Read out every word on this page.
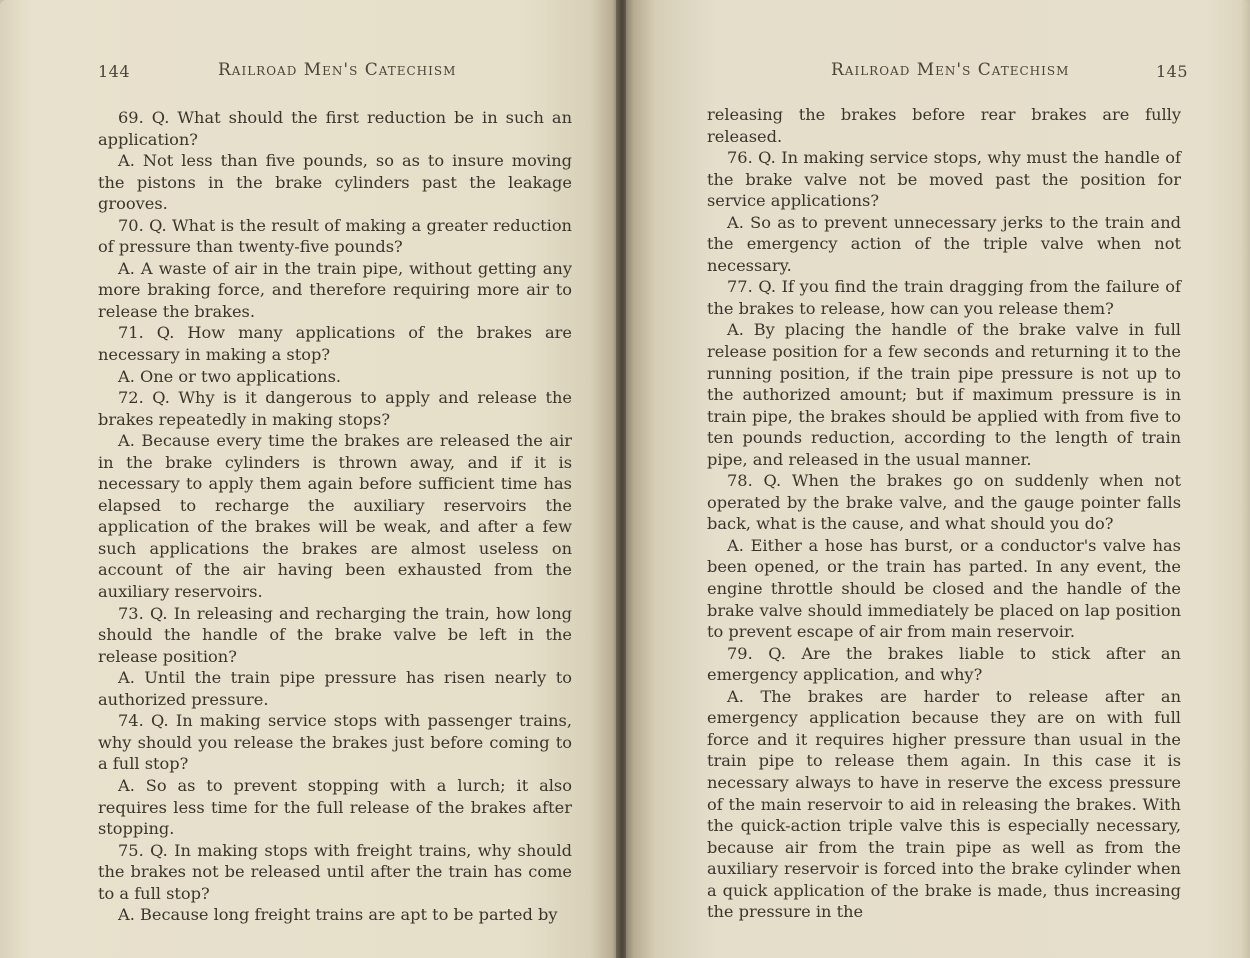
144	Railroad Men's Catechism

69. Q. What should the first reduction be in such an application?

A. Not less than five pounds, so as to insure moving the pistons in the brake cylinders past the leakage grooves.

70. Q. What is the result of making a greater reduction of pressure than twenty-five pounds?

A. A waste of air in the train pipe, without getting any more braking force, and therefore requiring more air to release the brakes.

71. Q. How many applications of the brakes are necessary in making a stop?

A. One or two applications.

72. Q. Why is it dangerous to apply and release the brakes repeatedly in making stops?

A. Because every time the brakes are released the air in the brake cylinders is thrown away, and if it is necessary to apply them again before sufficient time has elapsed to recharge the auxiliary reservoirs the application of the brakes will be weak, and after a few such applications the brakes are almost useless on account of the air having been exhausted from the auxiliary reservoirs.

73. Q. In releasing and recharging the train, how long should the handle of the brake valve be left in the release position?

A. Until the train pipe pressure has risen nearly to authorized pressure.

74. Q. In making service stops with passenger trains, why should you release the brakes just before coming to a full stop?

A. So as to prevent stopping with a lurch; it also requires less time for the full release of the brakes after stopping.

75. Q. In making stops with freight trains, why should the brakes not be released until after the train has come to a full stop?

A. Because long freight trains are apt to be parted by

Railroad Men's Catechism	145

releasing the brakes before rear brakes are fully released.

76. Q. In making service stops, why must the handle of the brake valve not be moved past the position for service applications?

A. So as to prevent unnecessary jerks to the train and the emergency action of the triple valve when not necessary.

77. Q. If you find the train dragging from the failure of the brakes to release, how can you release them?

A. By placing the handle of the brake valve in full release position for a few seconds and returning it to the running position, if the train pipe pressure is not up to the authorized amount; but if maximum pressure is in train pipe, the brakes should be applied with from five to ten pounds reduction, according to the length of train pipe, and released in the usual manner.

78. Q. When the brakes go on suddenly when not operated by the brake valve, and the gauge pointer falls back, what is the cause, and what should you do?

A. Either a hose has burst, or a conductor's valve has been opened, or the train has parted. In any event, the engine throttle should be closed and the handle of the brake valve should immediately be placed on lap position to prevent escape of air from main reservoir.

79. Q. Are the brakes liable to stick after an emergency application, and why?

A. The brakes are harder to release after an emergency application because they are on with full force and it requires higher pressure than usual in the train pipe to release them again. In this case it is necessary always to have in reserve the excess pressure of the main reservoir to aid in releasing the brakes. With the quick-action triple valve this is especially necessary, because air from the train pipe as well as from the auxiliary reservoir is forced into the brake cylinder when a quick application of the brake is made, thus increasing the pressure in the
